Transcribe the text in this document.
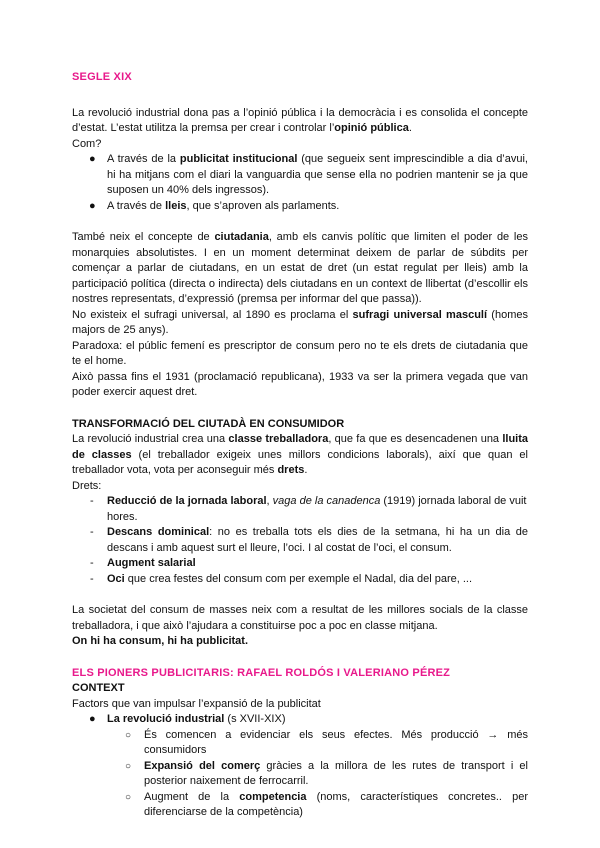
SEGLE XIX

La revolució industrial dona pas a l’opinió pública i la democràcia i es consolida el concepte d’estat. L’estat utilitza la premsa per crear i controlar l’opinió pública.

Com?

● A través de la publicitat institucional (que segueix sent imprescindible a dia d’avui, hi ha mitjans com el diari la vanguardia que sense ella no podrien mantenir se ja que suposen un 40% dels ingressos).
● A través de lleis, que s’aproven als parlaments.

També neix el concepte de ciutadania, amb els canvis polític que limiten el poder de les monarquies absolutistes. I en un moment determinat deixem de parlar de súbdits per començar a parlar de ciutadans, en un estat de dret (un estat regulat per lleis) amb la participació política (directa o indirecta) dels ciutadans en un context de llibertat (d’escollir els nostres representats, d’expressió (premsa per informar del que passa)).

No existeix el sufragi universal, al 1890 es proclama el sufragi universal masculí (homes majors de 25 anys).

Paradoxa: el públic femení es prescriptor de consum pero no te els drets de ciutadania que te el home.

Això passa fins el 1931 (proclamació republicana), 1933 va ser la primera vegada que van poder exercir aquest dret.

TRANSFORMACIÓ DEL CIUTADÀ EN CONSUMIDOR

La revolució industrial crea una classe treballadora, que fa que es desencadenen una lluita de classes (el treballador exigeix unes millors condicions laborals), així que quan el treballador vota, vota per aconseguir més drets.

Drets:

- Reducció de la jornada laboral, vaga de la canadenca (1919) jornada laboral de vuit hores.
- Descans dominical: no es treballa tots els dies de la setmana, hi ha un dia de descans i amb aquest surt el lleure, l’oci. I al costat de l’oci, el consum.
- Augment salarial
- Oci que crea festes del consum com per exemple el Nadal, dia del pare, ...

La societat del consum de masses neix com a resultat de les millores socials de la classe treballadora, i que això l’ajudara a constituirse poc a poc en classe mitjana.

On hi ha consum, hi ha publicitat.

ELS PIONERS PUBLICITARIS: RAFAEL ROLDÓS I VALERIANO PÉREZ
CONTEXT

Factors que van impulsar l’expansió de la publicitat

● La revolució industrial (s XVII-XIX)
○ És comencen a evidenciar els seus efectes. Més producció → més consumidors
○ Expansió del comerç gràcies a la millora de les rutes de transport i el posterior naixement de ferrocarril.
○ Augment de la competencia (noms, característiques concretes.. per diferenciarse de la competència)
